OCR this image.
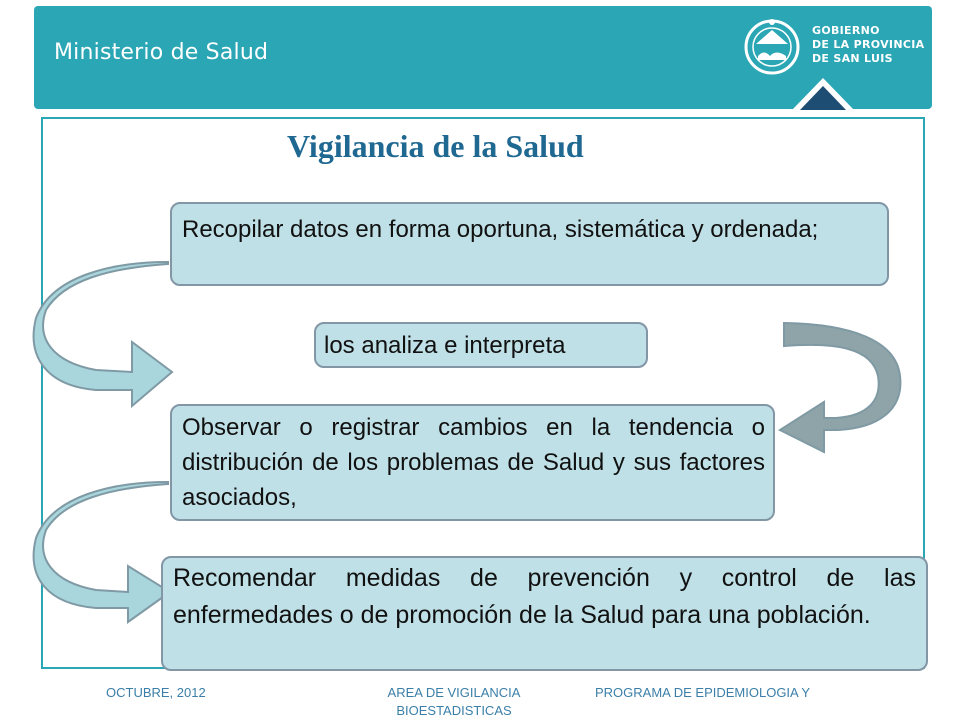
Ministerio de Salud
GOBIERNO
DE LA PROVINCIA
DE SAN LUIS
Vigilancia de la Salud
Recopilar datos en forma oportuna, sistemática y ordenada;
los analiza e interpreta
Observar o registrar cambios en la tendencia o distribución de los problemas de Salud y sus factores asociados,
Recomendar medidas de prevención y control de las enfermedades o de promoción de la Salud para una población.
OCTUBRE, 2012	AREA DE VIGILANCIA BIOESTADISTICAS
PROGRAMA DE EPIDEMIOLOGIA Y
